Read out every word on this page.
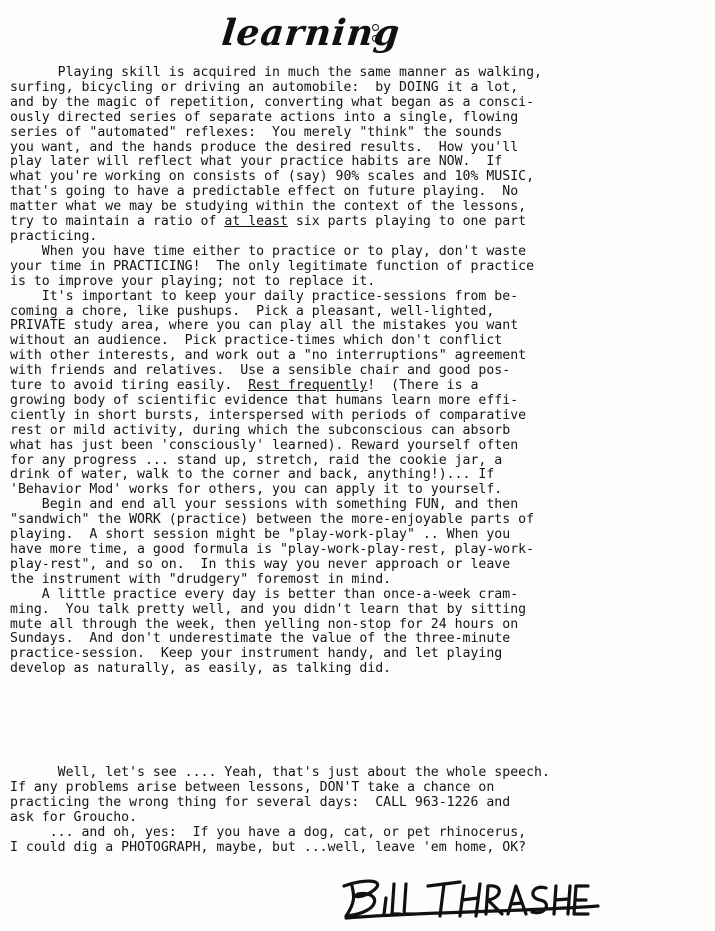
learning
Playing skill is acquired in much the same manner as walking,
surfing, bicycling or driving an automobile:  by DOING it a lot,
and by the magic of repetition, converting what began as a consci-
ously directed series of separate actions into a single, flowing
series of "automated" reflexes:  You merely "think" the sounds
you want, and the hands produce the desired results.  How you'll
play later will reflect what your practice habits are NOW.  If
what you're working on consists of (say) 90% scales and 10% MUSIC,
that's going to have a predictable effect on future playing.  No
matter what we may be studying within the context of the lessons,
try to maintain a ratio of at least six parts playing to one part
practicing.
When you have time either to practice or to play, don't waste
your time in PRACTICING!  The only legitimate function of practice
is to improve your playing; not to replace it.
It's important to keep your daily practice-sessions from be-
coming a chore, like pushups.  Pick a pleasant, well-lighted,
PRIVATE study area, where you can play all the mistakes you want
without an audience.  Pick practice-times which don't conflict
with other interests, and work out a "no interruptions" agreement
with friends and relatives.  Use a sensible chair and good pos-
ture to avoid tiring easily.  Rest frequently!  (There is a
growing body of scientific evidence that humans learn more effi-
ciently in short bursts, interspersed with periods of comparative
rest or mild activity, during which the subconscious can absorb
what has just been 'consciously' learned). Reward yourself often
for any progress ... stand up, stretch, raid the cookie jar, a
drink of water, walk to the corner and back, anything!)... If
'Behavior Mod' works for others, you can apply it to yourself.
Begin and end all your sessions with something FUN, and then
"sandwich" the WORK (practice) between the more-enjoyable parts of
playing.  A short session might be "play-work-play" .. When you
have more time, a good formula is "play-work-play-rest, play-work-
play-rest", and so on.  In this way you never approach or leave
the instrument with "drudgery" foremost in mind.
A little practice every day is better than once-a-week cram-
ming.  You talk pretty well, and you didn't learn that by sitting
mute all through the week, then yelling non-stop for 24 hours on
Sundays.  And don't underestimate the value of the three-minute
practice-session.  Keep your instrument handy, and let playing
develop as naturally, as easily, as talking did.
Well, let's see .... Yeah, that's just about the whole speech.
If any problems arise between lessons, DON'T take a chance on
practicing the wrong thing for several days:  CALL 963-1226 and
ask for Groucho.
... and oh, yes:  If you have a dog, cat, or pet rhinocerus,
I could dig a PHOTOGRAPH, maybe, but ...well, leave 'em home, OK?
